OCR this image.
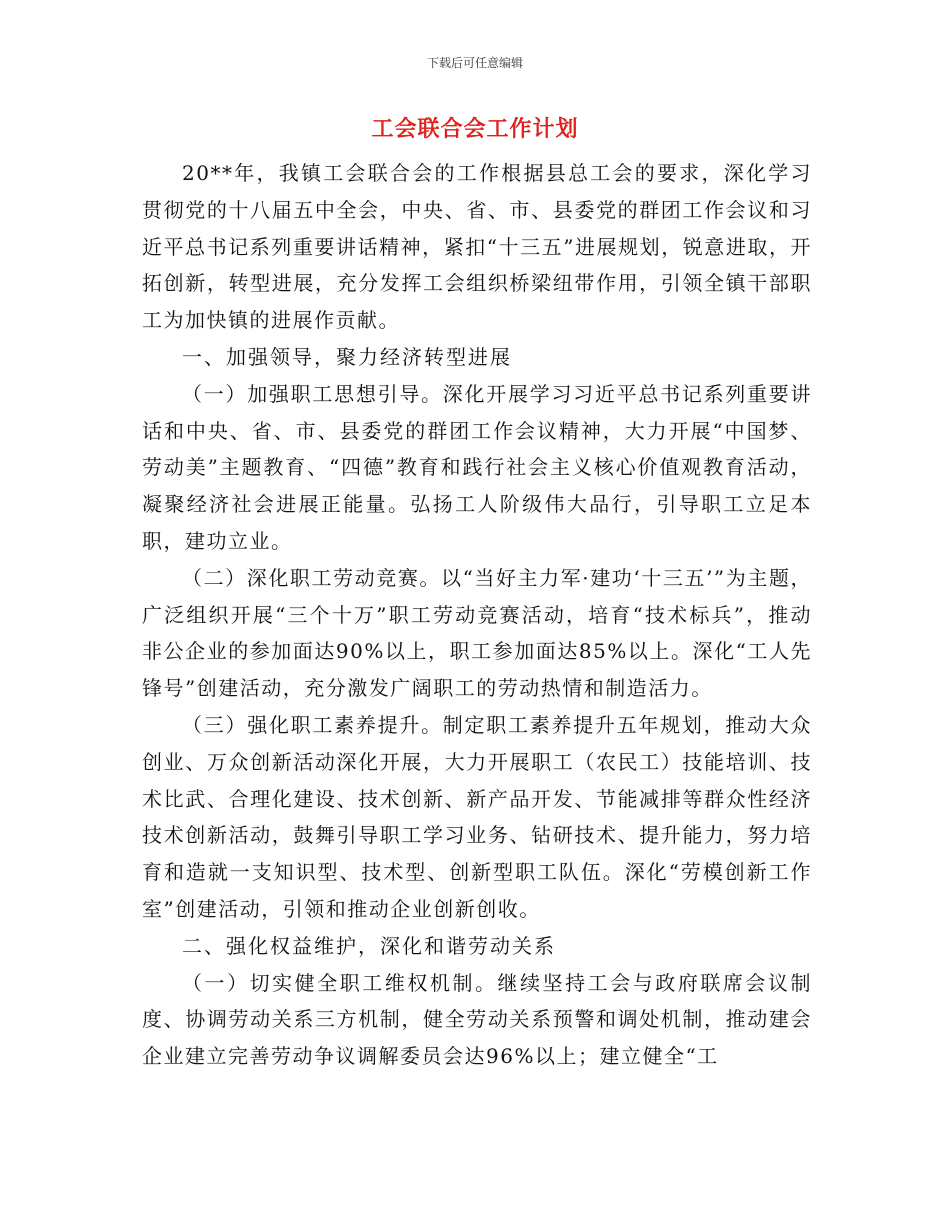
下载后可任意编辑
工会联合会工作计划

20**年，我镇工会联合会的工作根据县总工会的要求，深化学习贯彻党的十八届五中全会，中央、省、市、县委党的群团工作会议和习近平总书记系列重要讲话精神，紧扣“十三五”进展规划，锐意进取，开拓创新，转型进展，充分发挥工会组织桥梁纽带作用，引领全镇干部职工为加快镇的进展作贡献。

一、加强领导，聚力经济转型进展

（一）加强职工思想引导。深化开展学习习近平总书记系列重要讲话和中央、省、市、县委党的群团工作会议精神，大力开展“中国梦、劳动美”主题教育、“四德”教育和践行社会主义核心价值观教育活动，凝聚经济社会进展正能量。弘扬工人阶级伟大品行，引导职工立足本职，建功立业。

（二）深化职工劳动竞赛。以“当好主力军·建功‘十三五’”为主题，广泛组织开展“三个十万”职工劳动竞赛活动，培育“技术标兵”，推动非公企业的参加面达90%以上，职工参加面达85%以上。深化“工人先锋号”创建活动，充分激发广阔职工的劳动热情和制造活力。

（三）强化职工素养提升。制定职工素养提升五年规划，推动大众创业、万众创新活动深化开展，大力开展职工（农民工）技能培训、技术比武、合理化建设、技术创新、新产品开发、节能减排等群众性经济技术创新活动，鼓舞引导职工学习业务、钻研技术、提升能力，努力培育和造就一支知识型、技术型、创新型职工队伍。深化“劳模创新工作室”创建活动，引领和推动企业创新创收。

二、强化权益维护，深化和谐劳动关系

（一）切实健全职工维权机制。继续坚持工会与政府联席会议制度、协调劳动关系三方机制，健全劳动关系预警和调处机制，推动建会企业建立完善劳动争议调解委员会达96%以上；建立健全“工
